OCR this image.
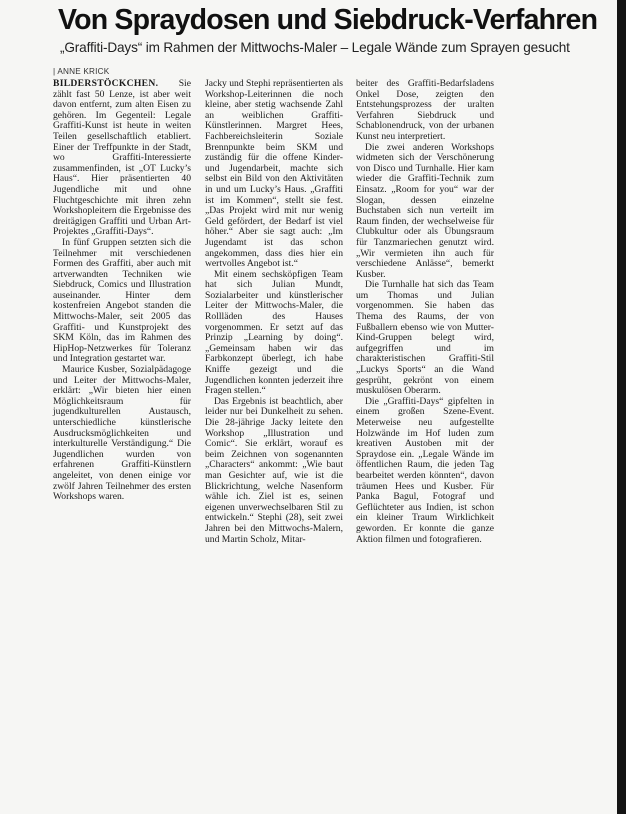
Von Spraydosen und Siebdruck-Verfahren
„Graffiti-Days“ im Rahmen der Mittwochs-Maler – Legale Wände zum Sprayen gesucht
| ANNE KRICK

BILDERSTÖCKCHEN. Sie zählt fast 50 Lenze, ist aber weit davon entfernt, zum alten Eisen zu gehören. Im Gegenteil: Legale Graffiti-Kunst ist heute in weiten Teilen gesellschaftlich etabliert. Einer der Treffpunkte in der Stadt, wo Graffiti-Interessierte zusammenfinden, ist „OT Lucky’s Haus“. Hier präsentierten 40 Jugendliche mit und ohne Fluchtgeschichte mit ihren zehn Workshopleitern die Ergebnisse des dreitägigen Graffiti und Urban Art-Projektes „Graffiti-Days“.

In fünf Gruppen setzten sich die Teilnehmer mit verschiedenen Formen des Graffiti, aber auch mit artverwandten Techniken wie Siebdruck, Comics und Illustration auseinander. Hinter dem kostenfreien Angebot standen die Mittwochs-Maler, seit 2005 das Graffiti- und Kunstprojekt des SKM Köln, das im Rahmen des HipHop-Netzwerkes für Toleranz und Integration gestartet war.

Maurice Kusber, Sozialpädagoge und Leiter der Mittwochs-Maler, erklärt: „Wir bieten hier einen Möglichkeitsraum für jugendkulturellen Austausch, unterschiedliche künstlerische Ausdrucksmöglichkeiten und interkulturelle Verständigung.“ Die Jugendlichen wurden von erfahrenen Graffiti-Künstlern angeleitet, von denen einige vor zwölf Jahren Teilnehmer des ersten Workshops waren.

Jacky und Stephi repräsentierten als Workshop-Leiterinnen die noch kleine, aber stetig wachsende Zahl an weiblichen Graffiti-Künstlerinnen. Margret Hees, Fachbereichsleiterin Soziale Brennpunkte beim SKM und zuständig für die offene Kinder- und Jugendarbeit, machte sich selbst ein Bild von den Aktivitäten in und um Lucky’s Haus. „Graffiti ist im Kommen“, stellt sie fest. „Das Projekt wird mit nur wenig Geld gefördert, der Bedarf ist viel höher.“ Aber sie sagt auch: „Im Jugendamt ist das schon angekommen, dass dies hier ein wertvolles Angebot ist.“

Mit einem sechsköpfigen Team hat sich Julian Mundt, Sozialarbeiter und künstlerischer Leiter der Mittwochs-Maler, die Rollläden des Hauses vorgenommen. Er setzt auf das Prinzip „Learning by doing“. „Gemeinsam haben wir das Farbkonzept überlegt, ich habe Kniffe gezeigt und die Jugendlichen konnten jederzeit ihre Fragen stellen.“

Das Ergebnis ist beachtlich, aber leider nur bei Dunkelheit zu sehen. Die 28-jährige Jacky leitete den Workshop „Illustration und Comic“. Sie erklärt, worauf es beim Zeichnen von sogenannten „Characters“ ankommt: „Wie baut man Gesichter auf, wie ist die Blickrichtung, welche Nasenform wähle ich. Ziel ist es, seinen eigenen unverwechselbaren Stil zu entwickeln.“ Stephi (28), seit zwei Jahren bei den Mittwochs-Malern, und Martin Scholz, Mitar-

beiter des Graffiti-Bedarfsladens Onkel Dose, zeigten den Entstehungsprozess der uralten Verfahren Siebdruck und Schablonendruck, von der urbanen Kunst neu interpretiert.

Die zwei anderen Workshops widmeten sich der Verschönerung von Disco und Turnhalle. Hier kam wieder die Graffiti-Technik zum Einsatz. „Room for you“ war der Slogan, dessen einzelne Buchstaben sich nun verteilt im Raum finden, der wechselweise für Clubkultur oder als Übungsraum für Tanzmariechen genutzt wird. „Wir vermieten ihn auch für verschiedene Anlässe“, bemerkt Kusber.

Die Turnhalle hat sich das Team um Thomas und Julian vorgenommen. Sie haben das Thema des Raums, der von Fußballern ebenso wie von Mutter-Kind-Gruppen belegt wird, aufgegriffen und im charakteristischen Graffiti-Stil „Luckys Sports“ an die Wand gesprüht, gekrönt von einem muskulösen Oberarm.

Die „Graffiti-Days“ gipfelten in einem großen Szene-Event. Meterweise neu aufgestellte Holzwände im Hof luden zum kreativen Austoben mit der Spraydose ein. „Legale Wände im öffentlichen Raum, die jeden Tag bearbeitet werden könnten“, davon träumen Hees und Kusber. Für Panka Bagul, Fotograf und Geflüchteter aus Indien, ist schon ein kleiner Traum Wirklichkeit geworden. Er konnte die ganze Aktion filmen und fotografieren.
